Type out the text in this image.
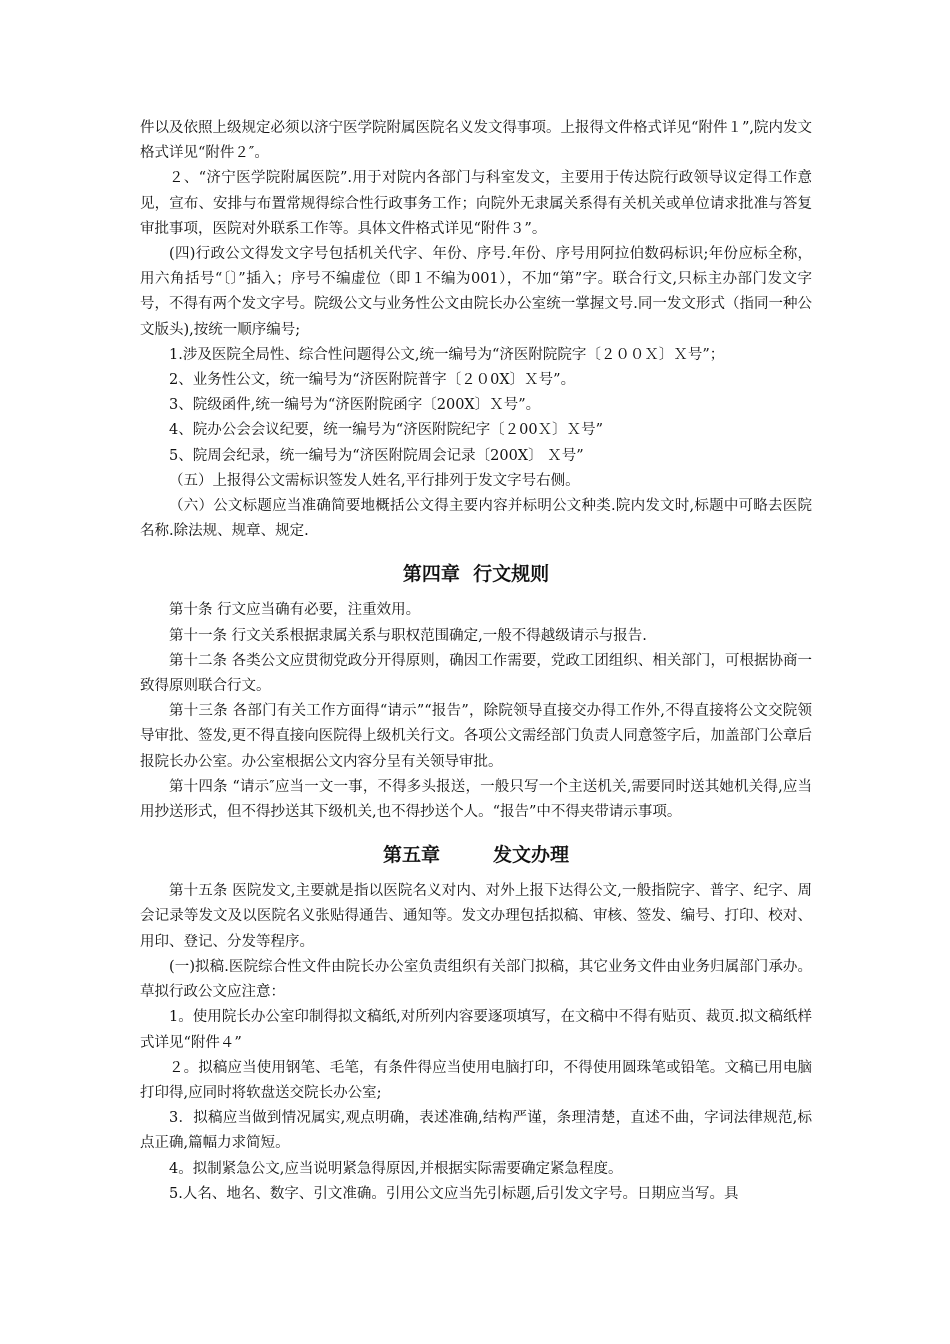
件以及依照上级规定必须以济宁医学院附属医院名义发文得事项。上报得文件格式详见“附件１”,院内发文格式详见“附件２″。

２、“济宁医学院附属医院”.用于对院内各部门与科室发文，主要用于传达院行政领导议定得工作意见，宣布、安排与布置常规得综合性行政事务工作；向院外无隶属关系得有关机关或单位请求批准与答复审批事项，医院对外联系工作等。具体文件格式详见“附件３”。

(四)行政公文得发文字号包括机关代字、年份、序号.年份、序号用阿拉伯数码标识;年份应标全称，用六角括号“〔〕”插入；序号不编虚位（即１不编为001），不加“第”字。联合行文,只标主办部门发文字号，不得有两个发文字号。院级公文与业务性公文由院长办公室统一掌握文号.同一发文形式（指同一种公文版头),按统一顺序编号;

1.涉及医院全局性、综合性问题得公文,统一编号为“济医附院院字〔２００Ｘ〕Ｘ号”；

2、业务性公文，统一编号为“济医附院普字〔２０0X〕Ｘ号”。

3、院级函件,统一编号为“济医附院函字〔200X〕Ｘ号”。

4、院办公会会议纪要，统一编号为“济医附院纪字〔２00Ｘ〕Ｘ号”

5、院周会纪录，统一编号为“济医附院周会记录〔200X〕 Ｘ号”

（五）上报得公文需标识签发人姓名,平行排列于发文字号右侧。

（六）公文标题应当准确简要地概括公文得主要内容并标明公文种类.院内发文时,标题中可略去医院名称.除法规、规章、规定.

第四章  行文规则

第十条 行文应当确有必要，注重效用。

第十一条 行文关系根据隶属关系与职权范围确定,一般不得越级请示与报告.

第十二条 各类公文应贯彻党政分开得原则，确因工作需要，党政工团组织、相关部门，可根据协商一致得原则联合行文。

第十三条 各部门有关工作方面得“请示”“报告”，除院领导直接交办得工作外,不得直接将公文交院领导审批、签发,更不得直接向医院得上级机关行文。各项公文需经部门负责人同意签字后，加盖部门公章后报院长办公室。办公室根据公文内容分呈有关领导审批。

第十四条 “请示″应当一文一事，不得多头报送，一般只写一个主送机关,需要同时送其她机关得,应当用抄送形式，但不得抄送其下级机关,也不得抄送个人。“报告”中不得夹带请示事项。

第五章        发文办理

第十五条 医院发文,主要就是指以医院名义对内、对外上报下达得公文,一般指院字、普字、纪字、周会记录等发文及以医院名义张贴得通告、通知等。发文办理包括拟稿、审核、签发、编号、打印、校对、用印、登记、分发等程序。

(一)拟稿.医院综合性文件由院长办公室负责组织有关部门拟稿，其它业务文件由业务归属部门承办。草拟行政公文应注意：

1。使用院长办公室印制得拟文稿纸,对所列内容要逐项填写，在文稿中不得有贴页、裁页.拟文稿纸样式详见“附件４”

２。拟稿应当使用钢笔、毛笔，有条件得应当使用电脑打印，不得使用圆珠笔或铅笔。文稿已用电脑打印得,应同时将软盘送交院长办公室;

3．拟稿应当做到情况属实,观点明确，表述准确,结构严谨，条理清楚，直述不曲，字词法律规范,标点正确,篇幅力求简短。

4。拟制紧急公文,应当说明紧急得原因,并根据实际需要确定紧急程度。

5.人名、地名、数字、引文准确。引用公文应当先引标题,后引发文字号。日期应当写。具
